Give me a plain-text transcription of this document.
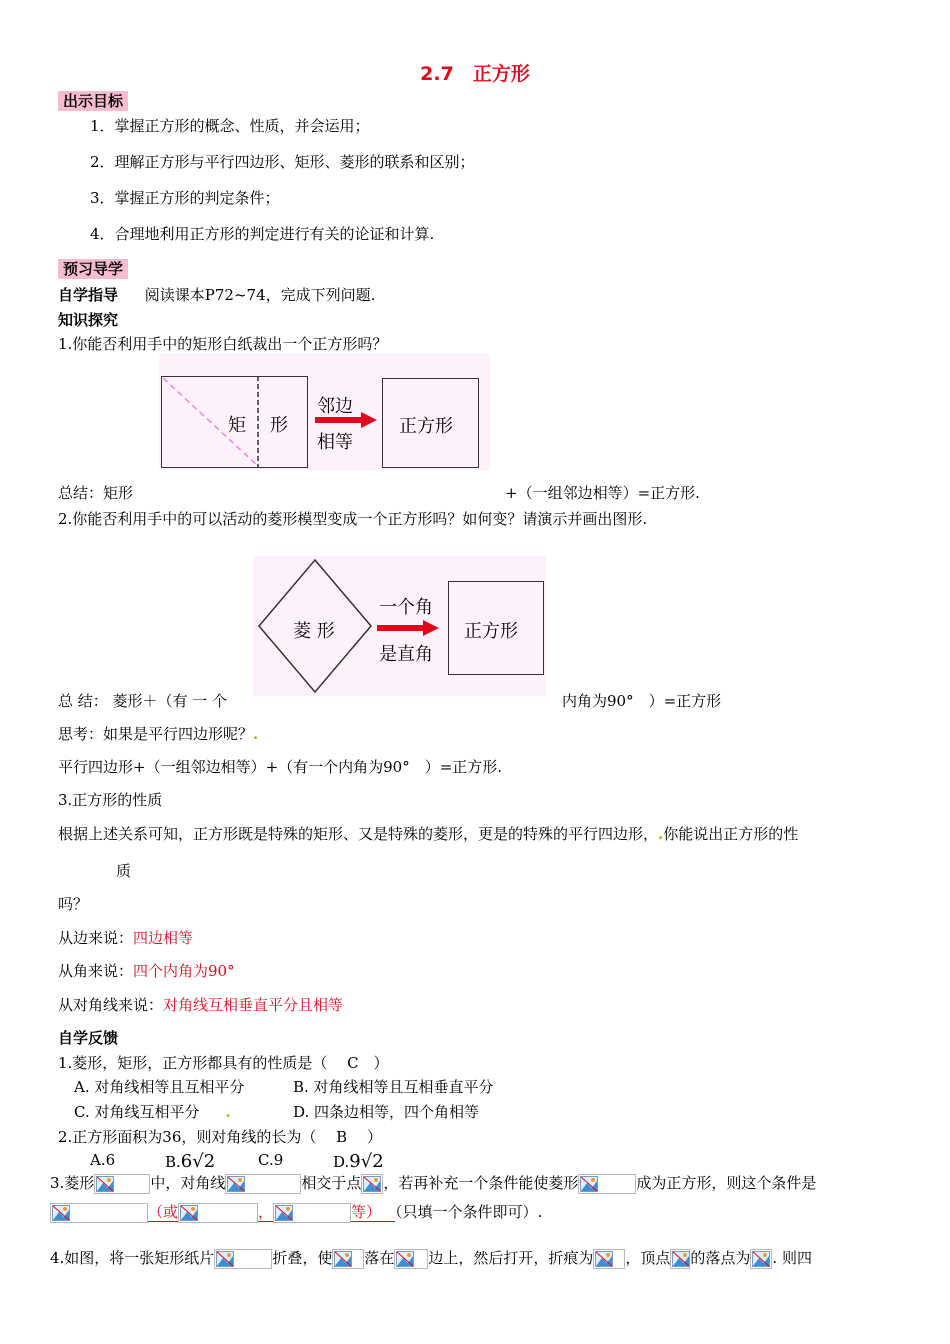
2.7　正方形
出示目标
1．掌握正方形的概念、性质，并会运用；
2．理解正方形与平行四边形、矩形、菱形的联系和区别；
3．掌握正方形的判定条件；
4．合理地利用正方形的判定进行有关的论证和计算.
预习导学
自学指导 阅读课本P72~74，完成下列问题.
知识探究
1.你能否利用手中的矩形白纸裁出一个正方形吗？
矩 形
邻边
相等
正方形
总结：矩形	+（一组邻边相等）=正方形.
2.你能否利用手中的可以活动的菱形模型变成一个正方形吗？如何变？请演示并画出图形.
菱 形
一个角
是直角
正方形
总 结： 菱形＋（有 一 个	内角为90°　）=正方形
思考：如果是平行四边形呢？.
平行四边形+（一组邻边相等）+（有一个内角为90°　）=正方形.
3.正方形的性质
根据上述关系可知，正方形既是特殊的矩形、又是特殊的菱形，更是的特殊的平行四边形，.你能说出正方形的性
质
吗？
从边来说：四边相等
从角来说：四个内角为90°
从对角线来说：对角线互相垂直平分且相等
自学反馈
1.菱形，矩形，正方形都具有的性质是（　 C　）
A. 对角线相等且互相平分	B. 对角线相等且互相垂直平分
C. 对角线互相平分 .	D. 四条边相等，四个角相等
2.正方形面积为36，则对角线的长为（　 B　 ）
A.6	B.6√2	C.9	D.9√2
3.菱形	中，对角线	相交于点 ，若再补充一个条件能使菱形	成为正方形，则这个条件是
（或	，	等） （只填一个条件即可）.
4.如图，将一张矩形纸片	折叠，使 落在 边上，然后打开，折痕为 ，顶点 的落点为 . 则四
